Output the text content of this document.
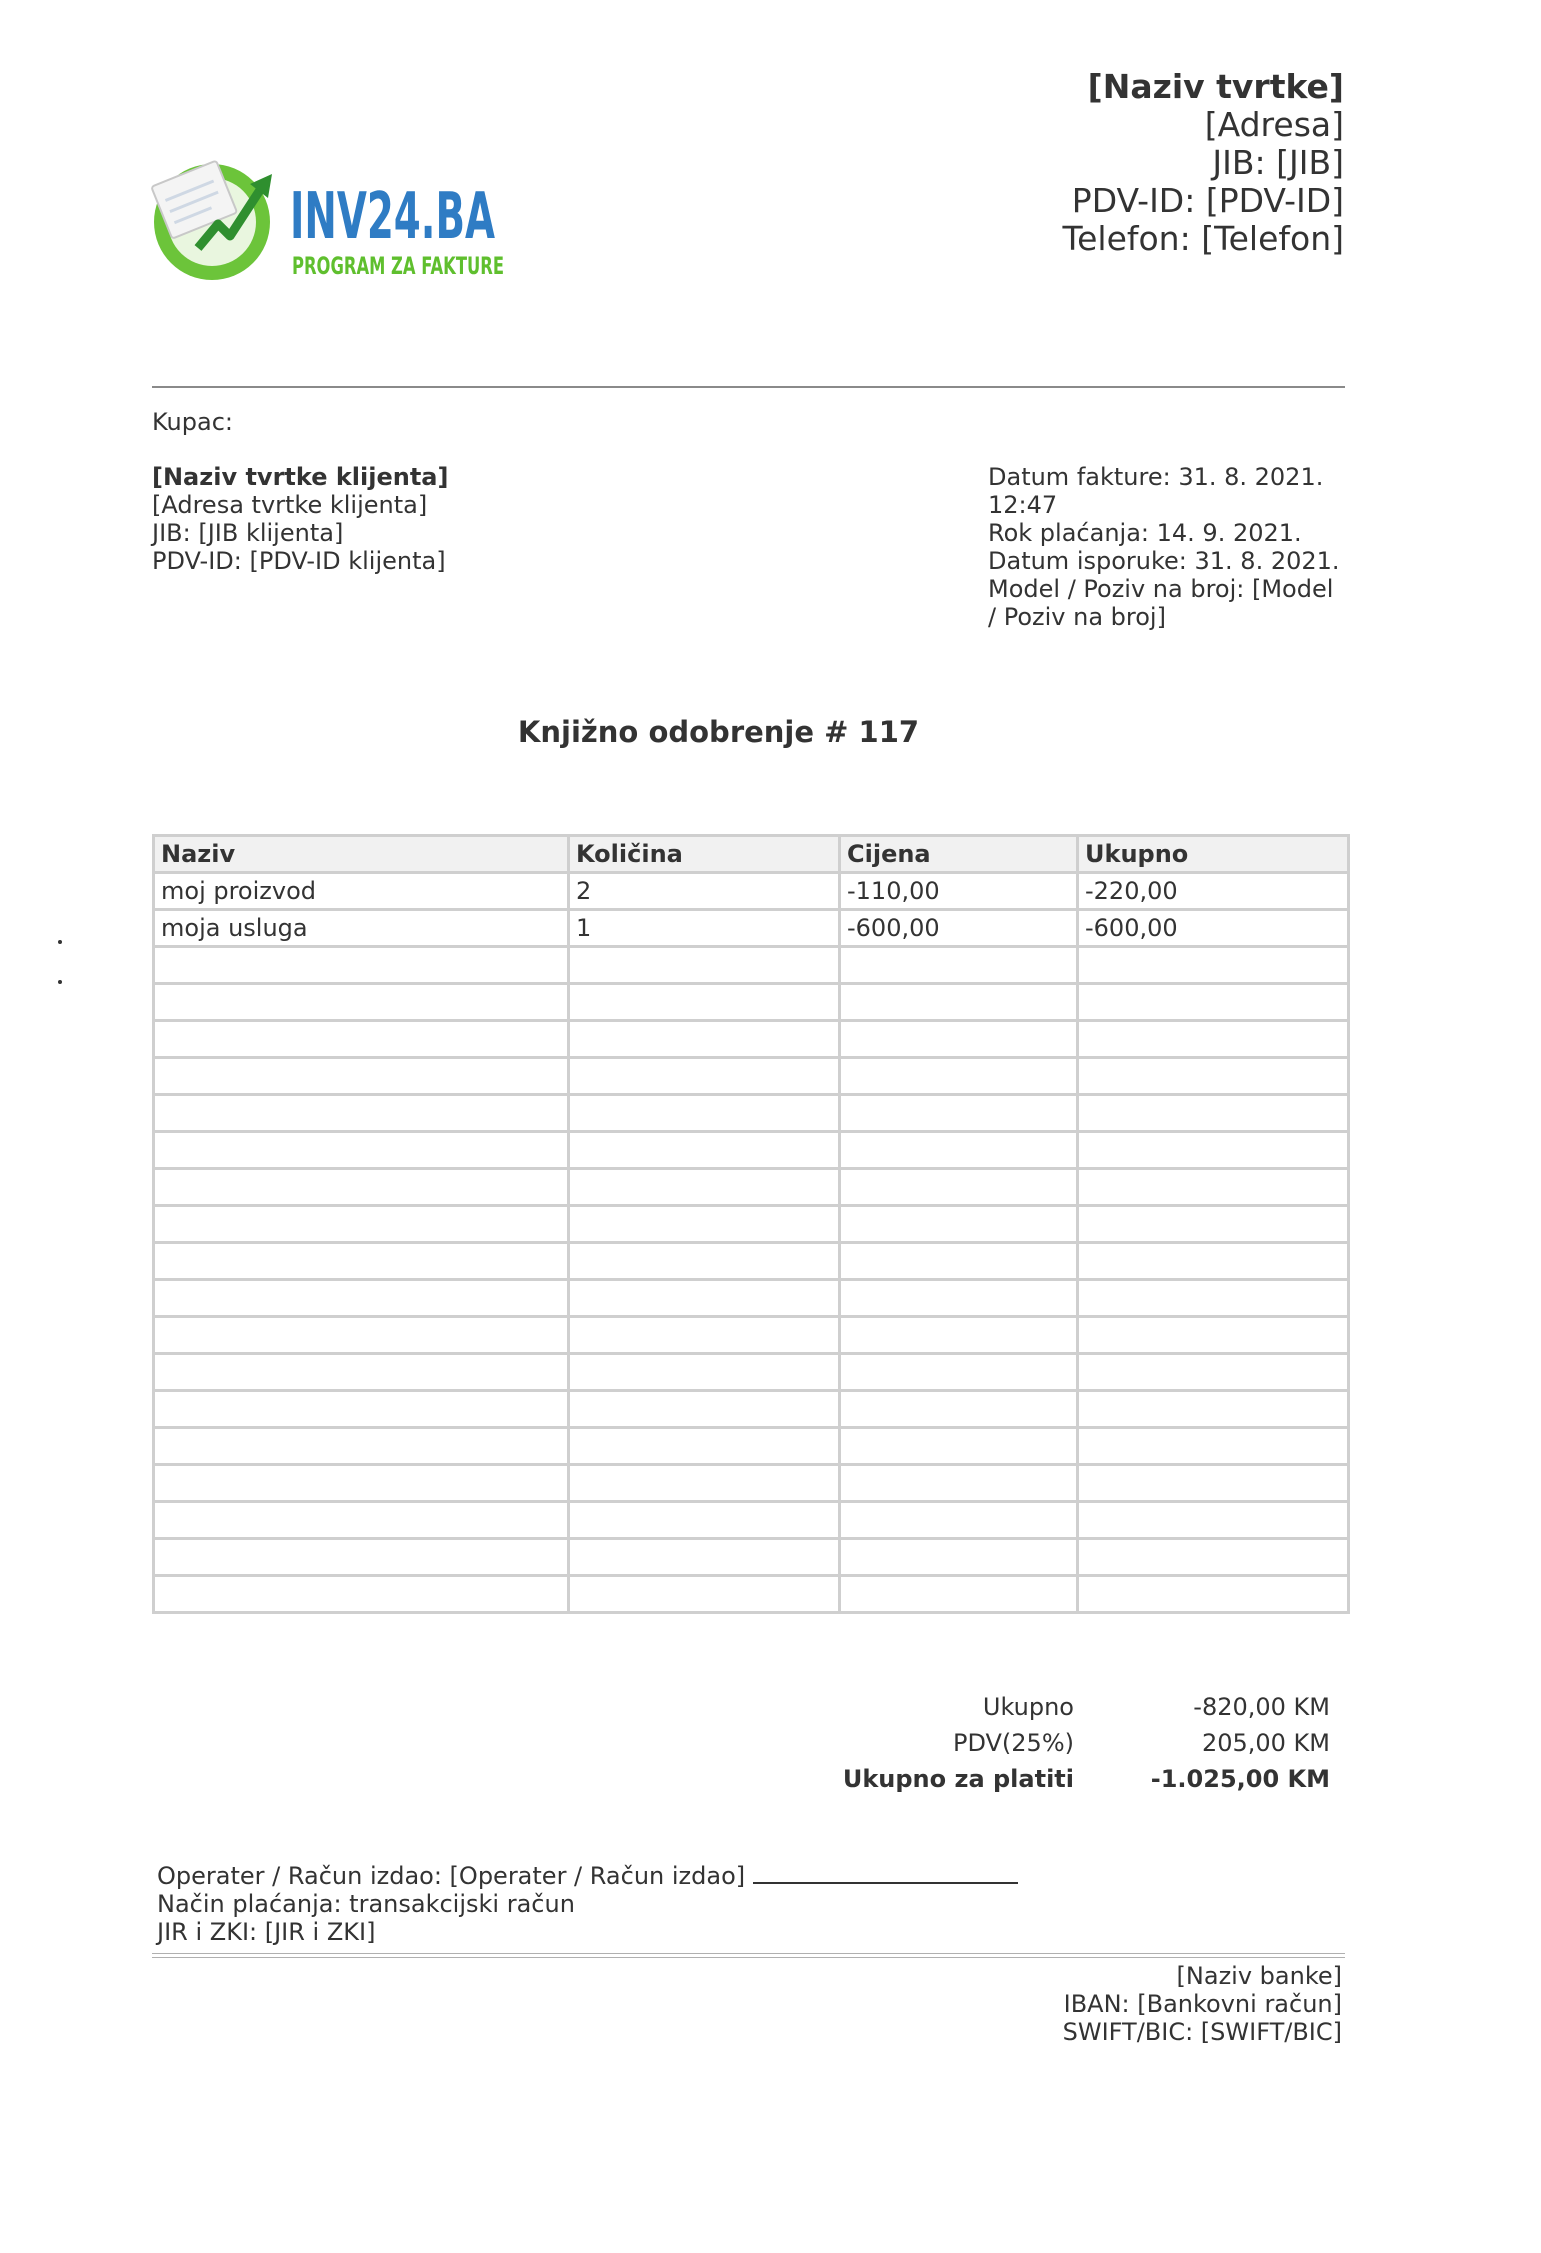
INV24.BA
PROGRAM ZA FAKTURE
[Naziv tvrtke]
[Adresa]
JIB: [JIB]
PDV-ID: [PDV-ID]
Telefon: [Telefon]
Kupac:
[Naziv tvrtke klijenta]
[Adresa tvrtke klijenta]
JIB: [JIB klijenta]
PDV-ID: [PDV-ID klijenta]
Datum fakture: 31. 8. 2021.
12:47
Rok plaćanja: 14. 9. 2021.
Datum isporuke: 31. 8. 2021.
Model / Poziv na broj: [Model
/ Poziv na broj]
Knjižno odobrenje # 117
Naziv	Količina	Cijena	Ukupno
moj proizvod	2	-110,00	-220,00
moja usluga	1	-600,00	-600,00

Ukupno	-820,00 KM
PDV(25%)	205,00 KM
Ukupno za platiti	-1.025,00 KM
Operater / Račun izdao: [Operater / Račun izdao]
Način plaćanja: transakcijski račun
JIR i ZKI: [JIR i ZKI]
[Naziv banke]
IBAN: [Bankovni račun]
SWIFT/BIC: [SWIFT/BIC]
